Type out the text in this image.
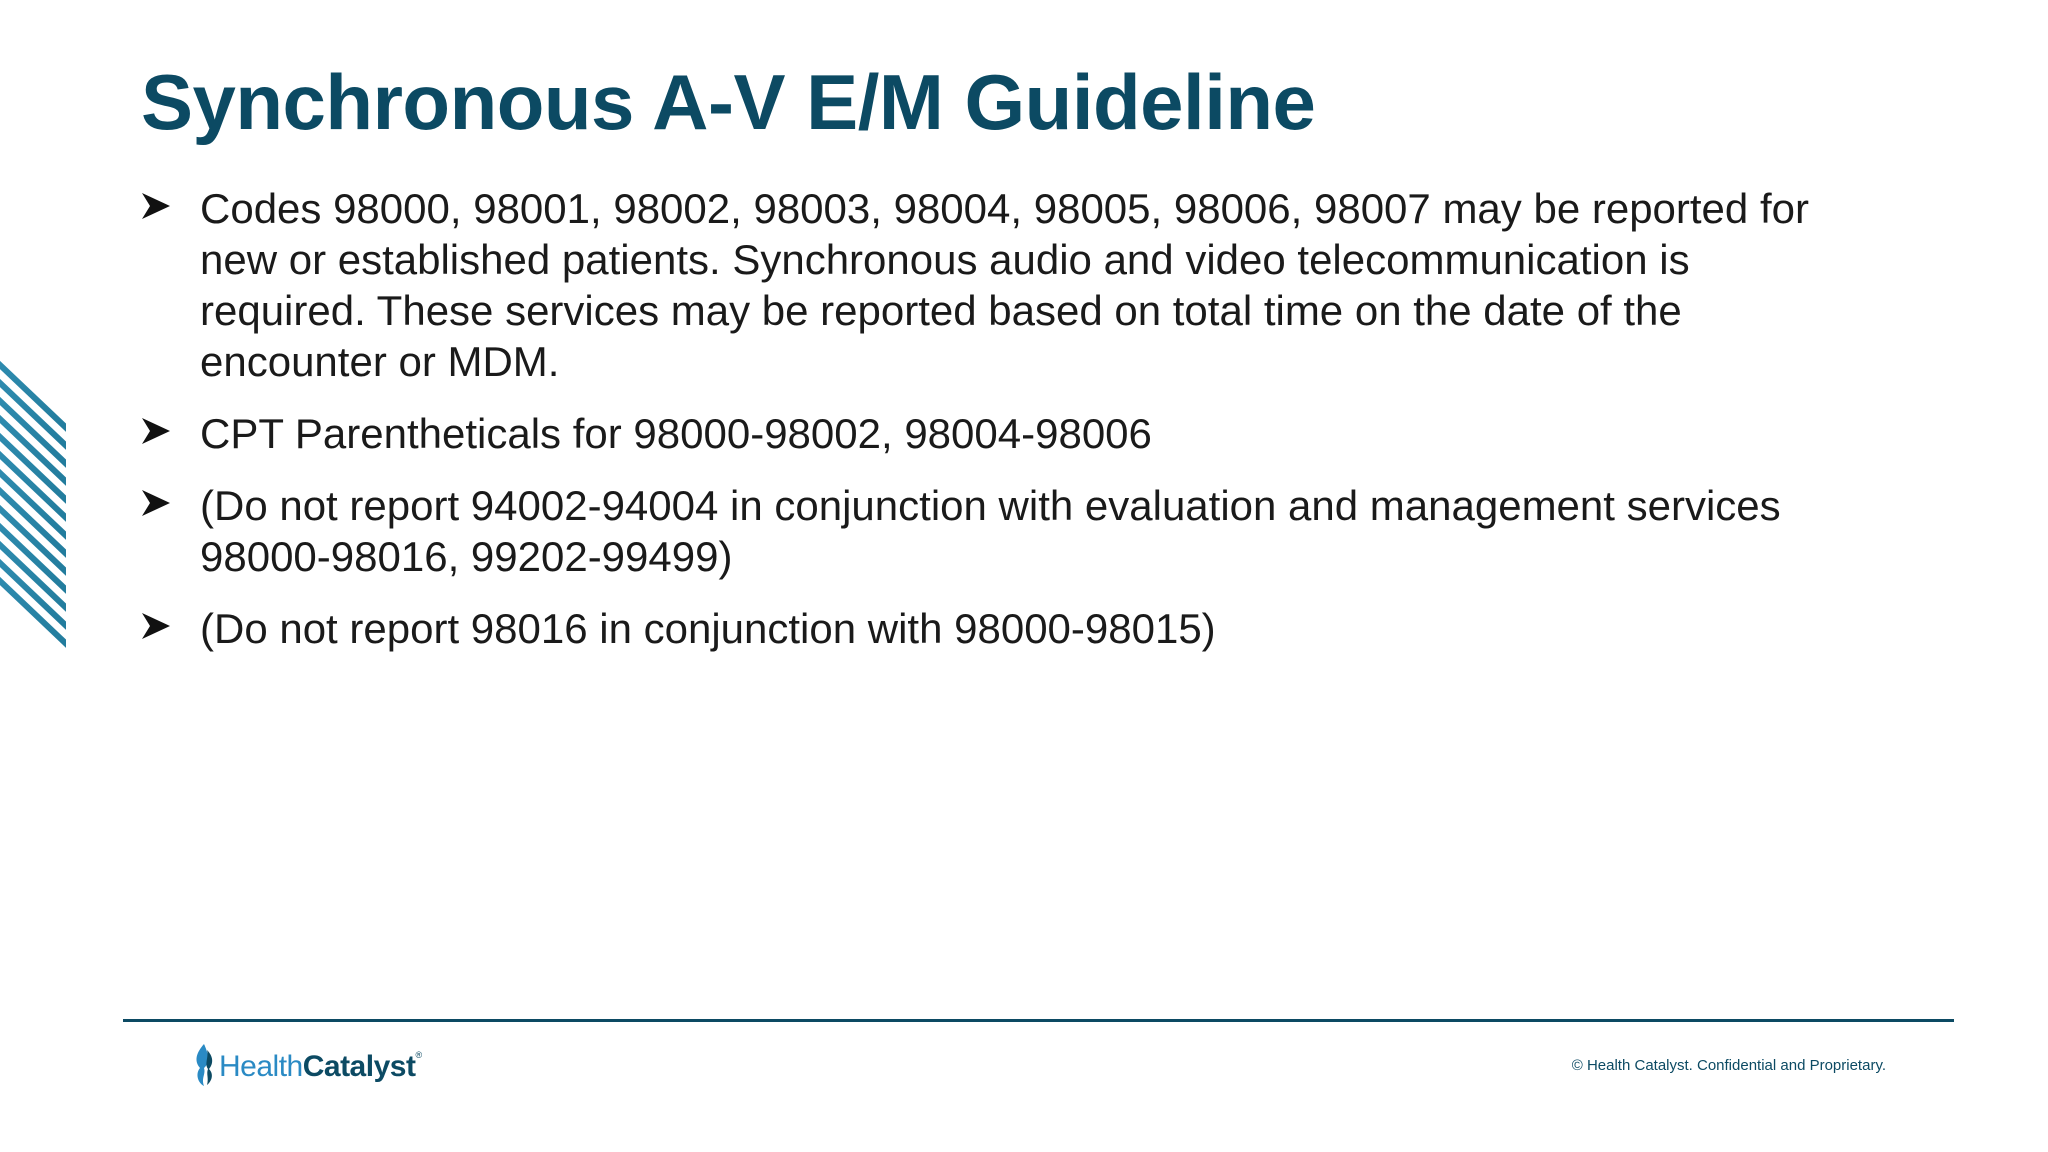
Synchronous A-V E/M Guideline
Codes 98000, 98001, 98002, 98003, 98004, 98005, 98006, 98007 may be reported for
new or established patients. Synchronous audio and video telecommunication is
required. These services may be reported based on total time on the date of the
encounter or MDM.
CPT Parentheticals for 98000-98002, 98004-98006
(Do not report 94002-94004 in conjunction with evaluation and management services
98000-98016, 99202-99499)
(Do not report 98016 in conjunction with 98000-98015)
HealthCatalyst®
© Health Catalyst. Confidential and Proprietary.
